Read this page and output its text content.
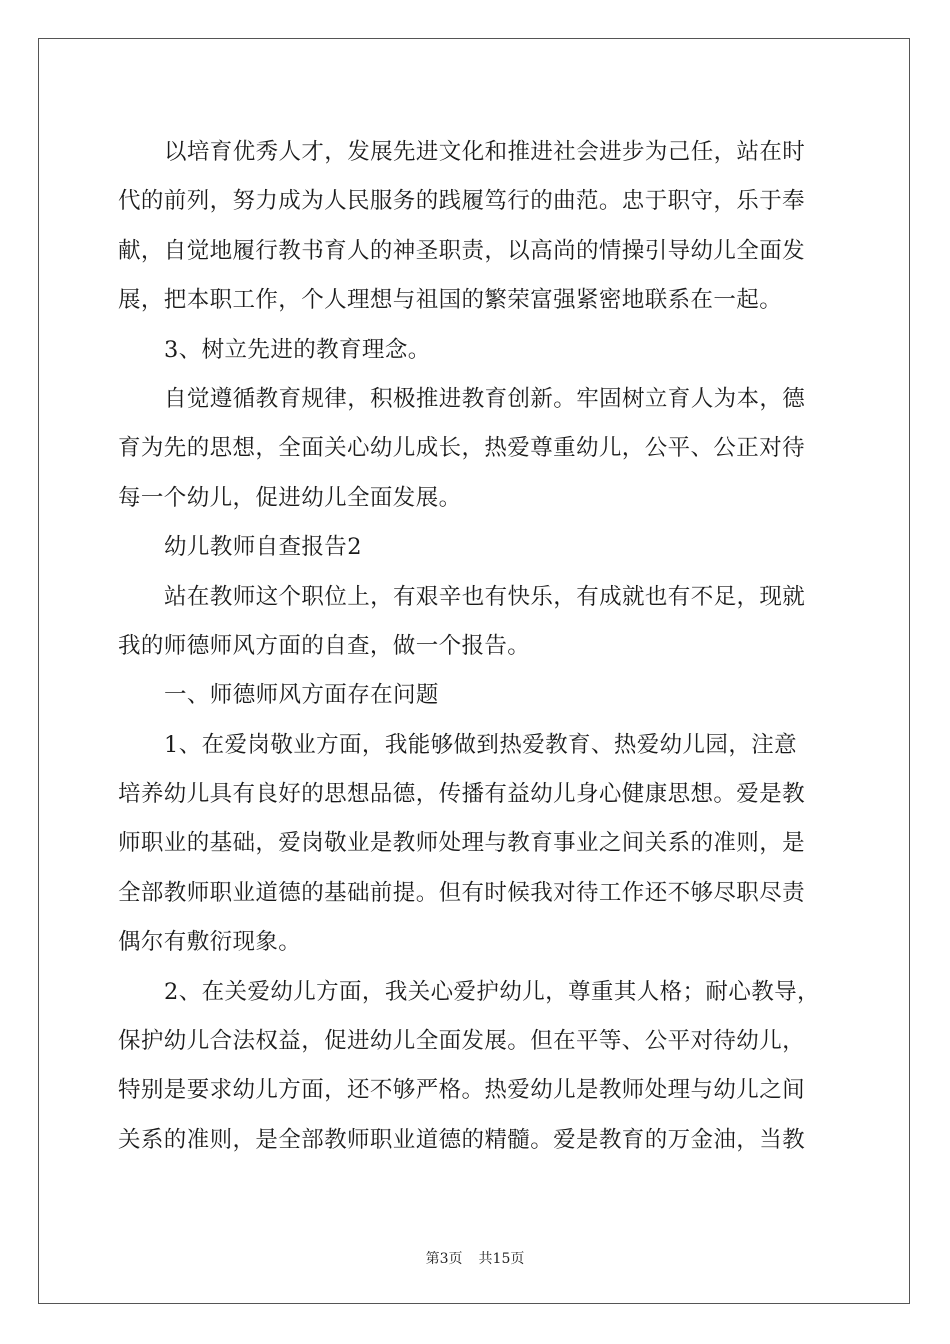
以培育优秀人才，发展先进文化和推进社会进步为己任，站在时
代的前列，努力成为人民服务的践履笃行的曲范。忠于职守，乐于奉
献，自觉地履行教书育人的神圣职责，以高尚的情操引导幼儿全面发
展，把本职工作，个人理想与祖国的繁荣富强紧密地联系在一起。
3、树立先进的教育理念。
自觉遵循教育规律，积极推进教育创新。牢固树立育人为本，德
育为先的思想，全面关心幼儿成长，热爱尊重幼儿，公平、公正对待
每一个幼儿，促进幼儿全面发展。
幼儿教师自查报告2
站在教师这个职位上，有艰辛也有快乐，有成就也有不足，现就
我的师德师风方面的自查，做一个报告。
一、师德师风方面存在问题
1、在爱岗敬业方面，我能够做到热爱教育、热爱幼儿园，注意
培养幼儿具有良好的思想品德，传播有益幼儿身心健康思想。爱是教
师职业的基础，爱岗敬业是教师处理与教育事业之间关系的准则，是
全部教师职业道德的基础前提。但有时候我对待工作还不够尽职尽责
偶尔有敷衍现象。
2、在关爱幼儿方面，我关心爱护幼儿，尊重其人格；耐心教导，
保护幼儿合法权益，促进幼儿全面发展。但在平等、公平对待幼儿，
特别是要求幼儿方面，还不够严格。热爱幼儿是教师处理与幼儿之间
关系的准则，是全部教师职业道德的精髓。爱是教育的万金油，当教
第3页 共15页
